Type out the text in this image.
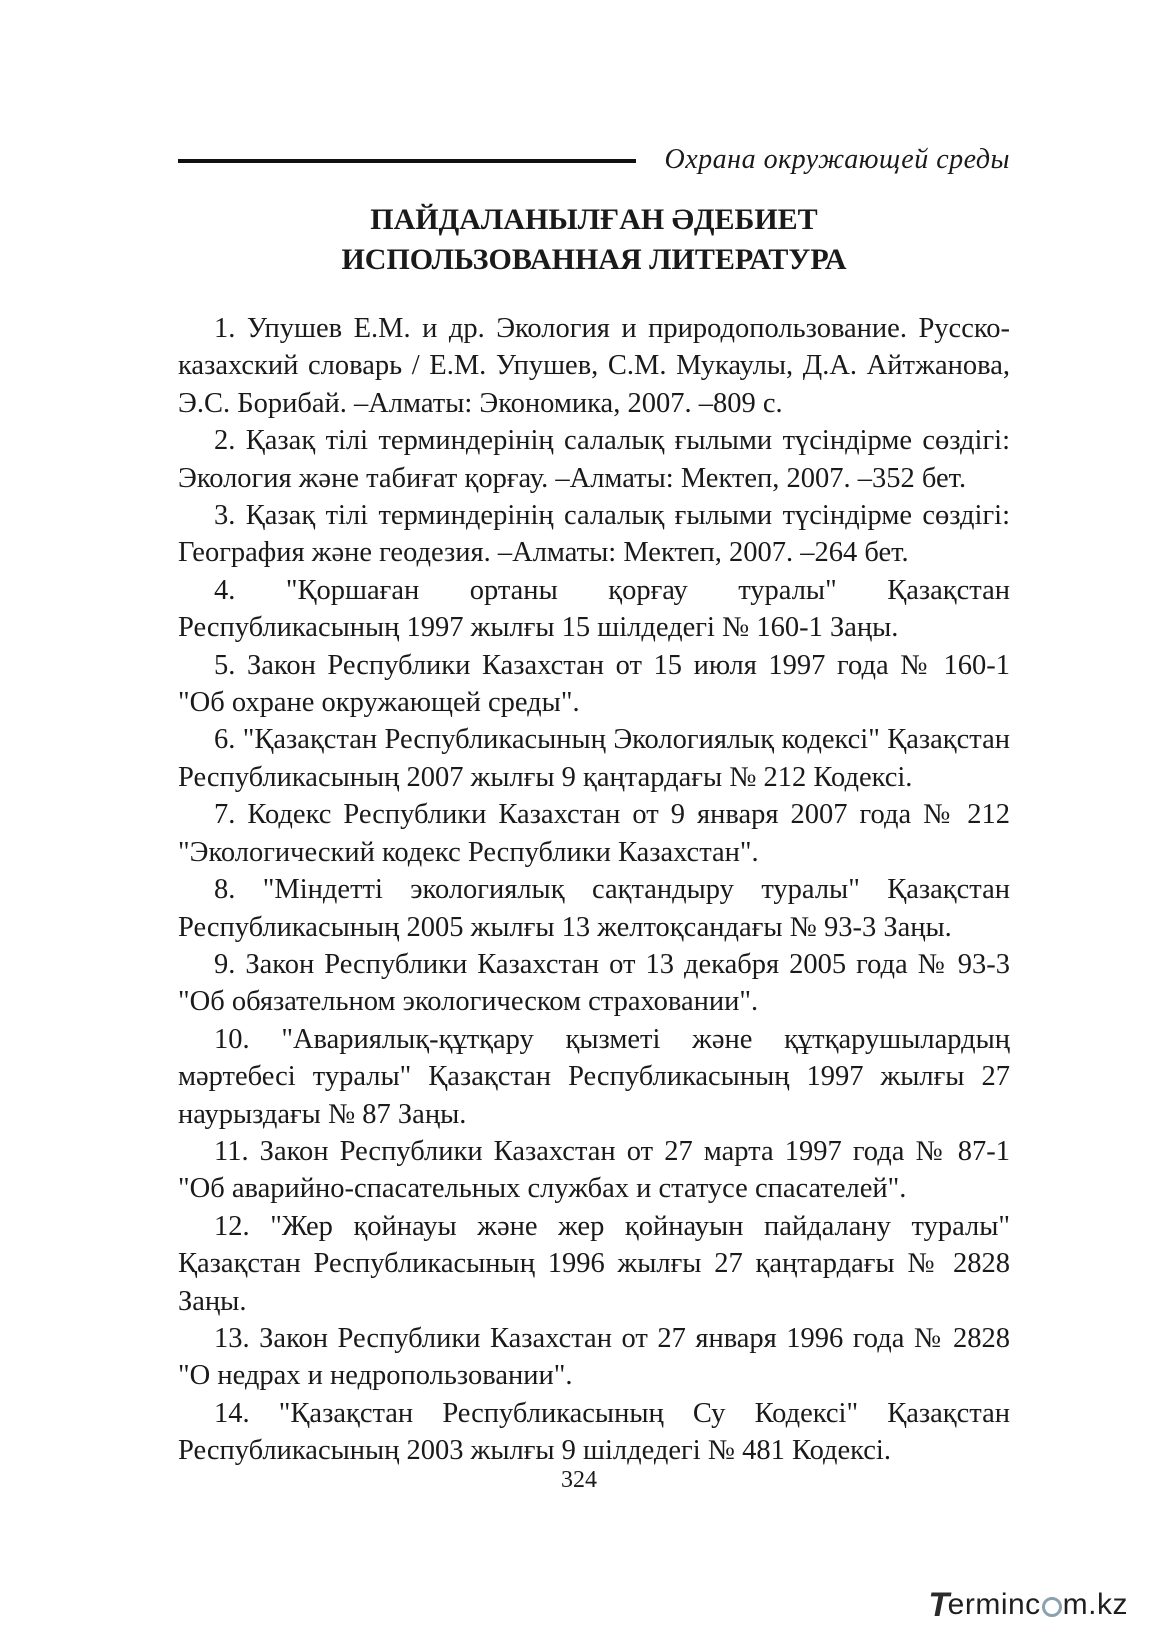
Охрана окружающей среды
ПАЙДАЛАНЫЛҒАН ӘДЕБИЕТ
ИСПОЛЬЗОВАННАЯ ЛИТЕРАТУРА
1. Упушев Е.М. и др. Экология и природопользование. Русско-казахский словарь / Е.М. Упушев, С.М. Мукаулы, Д.А. Айтжанова, Э.С. Борибай. –Алматы: Экономика, 2007. –809 с.
2. Қазақ тілі терминдерінің салалық ғылыми түсіндірме сөздігі: Экология және табиғат қорғау. –Алматы: Мектеп, 2007. –352 бет.
3. Қазақ тілі терминдерінің салалық ғылыми түсіндірме сөздігі: География және геодезия. –Алматы: Мектеп, 2007. –264 бет.
4. "Қоршаған ортаны қорғау туралы" Қазақстан Республикасының 1997 жылғы 15 шілдедегі № 160-1 Заңы.
5. Закон Республики Казахстан от 15 июля 1997 года № 160-1 "Об охране окружающей среды".
6. "Қазақстан Республикасының Экологиялық кодексі" Қазақстан Республикасының 2007 жылғы 9 қаңтардағы № 212 Кодексі.
7. Кодекс Республики Казахстан от 9 января 2007 года № 212 "Экологический кодекс Республики Казахстан".
8. "Міндетті экологиялық сақтандыру туралы" Қазақстан Республикасының 2005 жылғы 13 желтоқсандағы № 93-3 Заңы.
9. Закон Республики Казахстан от 13 декабря 2005 года № 93-3 "Об обязательном экологическом страховании".
10. "Авариялық-құтқару қызметі және құтқарушылардың мәртебесі туралы" Қазақстан Республикасының 1997 жылғы 27 наурыздағы № 87 Заңы.
11. Закон Республики Казахстан от 27 марта 1997 года № 87-1 "Об аварийно-спасательных службах и статусе спасателей".
12. "Жер қойнауы және жер қойнауын пайдалану туралы" Қазақстан Республикасының 1996 жылғы 27 қаңтардағы № 2828 Заңы.
13. Закон Республики Казахстан от 27 января 1996 года № 2828 "О недрах и недропользовании".
14. "Қазақстан Республикасының Су Кодексі" Қазақстан Республикасының 2003 жылғы 9 шілдедегі № 481 Кодексі.
324
T
erminc m.kz
